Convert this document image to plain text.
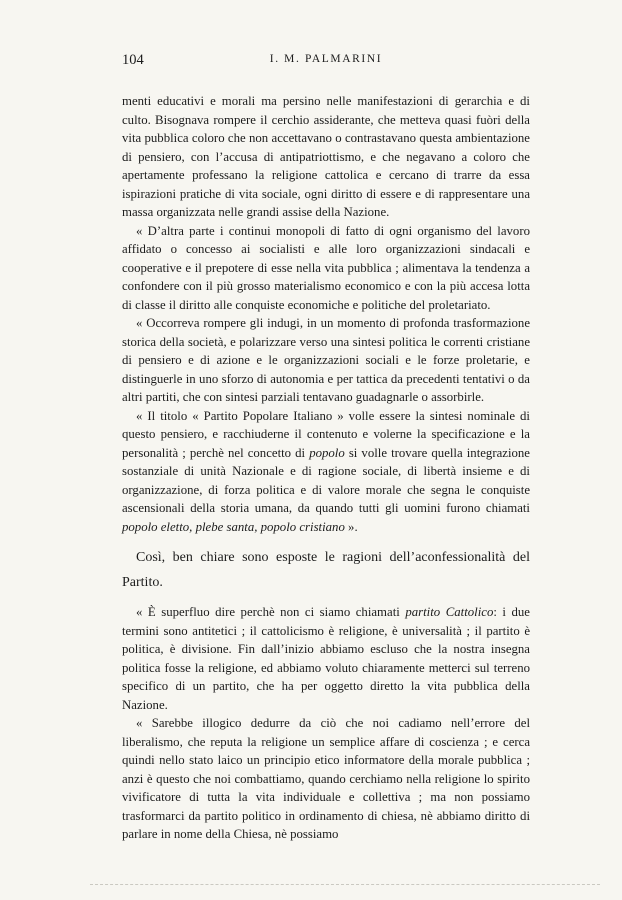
104	I. M. PALMARINI

menti educativi e morali ma persino nelle manifestazioni di gerarchia e di culto. Bisognava rompere il cerchio assiderante, che metteva quasi fuòri della vita pubblica coloro che non accettavano o contrastavano questa ambientazione di pensiero, con l’accusa di antipatriottismo, e che negavano a coloro che apertamente professano la religione cattolica e cercano di trarre da essa ispirazioni pratiche di vita sociale, ogni diritto di essere e di rappresentare una massa organizzata nelle grandi assise della Nazione.

« D’altra parte i continui monopoli di fatto di ogni organismo del lavoro affidato o concesso ai socialisti e alle loro organizzazioni sindacali e cooperative e il prepotere di esse nella vita pubblica ; alimentava la tendenza a confondere con il più grosso materialismo economico e con la più accesa lotta di classe il diritto alle conquiste economiche e politiche del proletariato.

« Occorreva rompere gli indugi, in un momento di profonda trasformazione storica della società, e polarizzare verso una sintesi politica le correnti cristiane di pensiero e di azione e le organizzazioni sociali e le forze proletarie, e distinguerle in uno sforzo di autonomia e per tattica da precedenti tentativi o da altri partiti, che con sintesi parziali tentavano guadagnarle o assorbirle.

« Il titolo « Partito Popolare Italiano » volle essere la sintesi nominale di questo pensiero, e racchiuderne il contenuto e volerne la specificazione e la personalità ; perchè nel concetto di popolo si volle trovare quella integrazione sostanziale di unità Nazionale e di ragione sociale, di libertà insieme e di organizzazione, di forza politica e di valore morale che segna le conquiste ascensionali della storia umana, da quando tutti gli uomini furono chiamati popolo eletto, plebe santa, popolo cristiano ».

Così, ben chiare sono esposte le ragioni dell’aconfessionalità del Partito.

« È superfluo dire perchè non ci siamo chiamati partito Cattolico: i due termini sono antitetici ; il cattolicismo è religione, è universalità ; il partito è politica, è divisione. Fin dall’inizio abbiamo escluso che la nostra insegna politica fosse la religione, ed abbiamo voluto chiaramente metterci sul terreno specifico di un partito, che ha per oggetto diretto la vita pubblica della Nazione.

« Sarebbe illogico dedurre da ciò che noi cadiamo nell’errore del liberalismo, che reputa la religione un semplice affare di coscienza ; e cerca quindi nello stato laico un principio etico informatore della morale pubblica ; anzi è questo che noi combattiamo, quando cerchiamo nella religione lo spirito vivificatore di tutta la vita individuale e collettiva ; ma non possiamo trasformarci da partito politico in ordinamento di chiesa, nè abbiamo diritto di parlare in nome della Chiesa, nè possiamo
